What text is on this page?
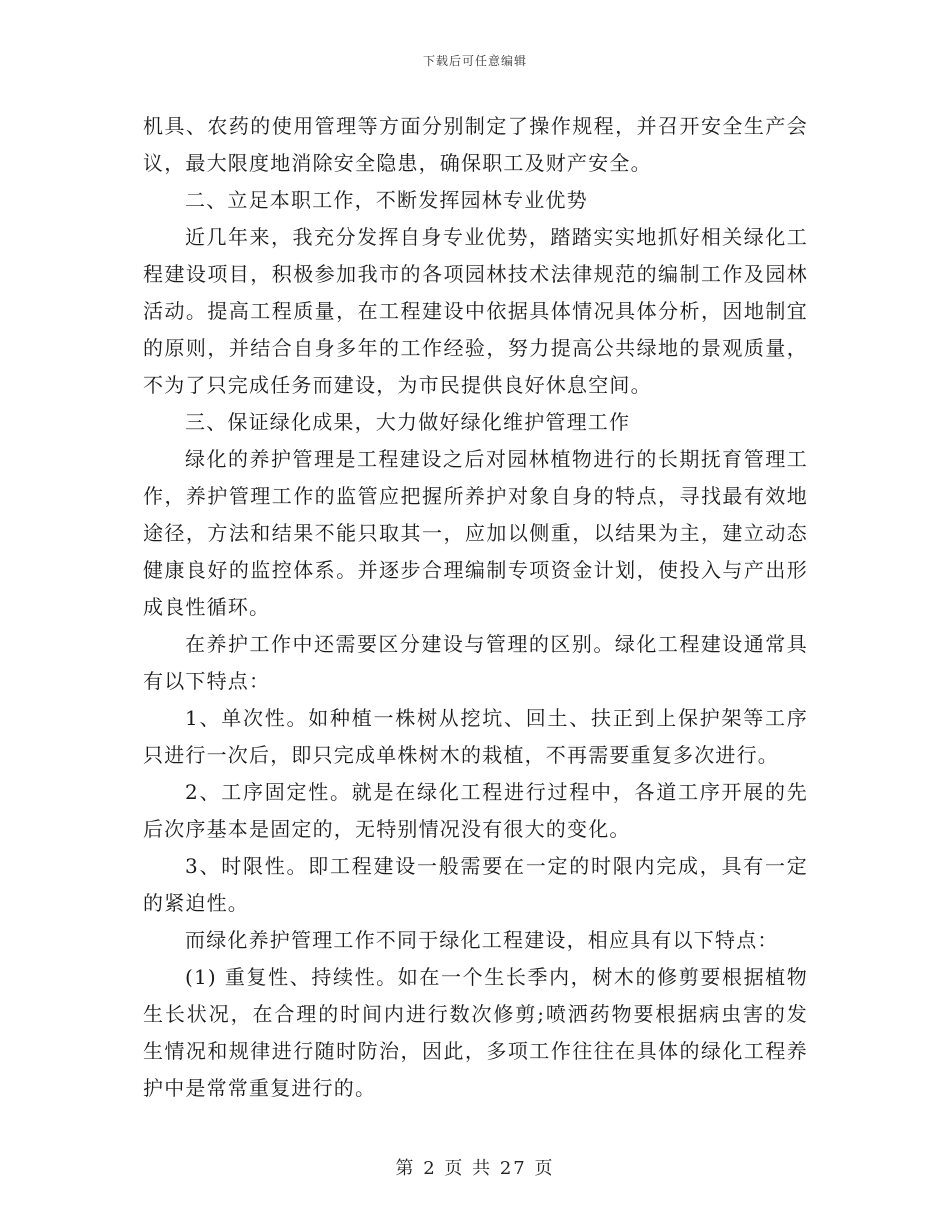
下载后可任意编辑

机具、农药的使用管理等方面分别制定了操作规程，并召开安全生产会议，最大限度地消除安全隐患，确保职工及财产安全。

二、立足本职工作，不断发挥园林专业优势

近几年来，我充分发挥自身专业优势，踏踏实实地抓好相关绿化工程建设项目，积极参加我市的各项园林技术法律规范的编制工作及园林活动。提高工程质量，在工程建设中依据具体情况具体分析，因地制宜的原则，并结合自身多年的工作经验，努力提高公共绿地的景观质量，不为了只完成任务而建设，为市民提供良好休息空间。

三、保证绿化成果，大力做好绿化维护管理工作

绿化的养护管理是工程建设之后对园林植物进行的长期抚育管理工作，养护管理工作的监管应把握所养护对象自身的特点，寻找最有效地途径，方法和结果不能只取其一，应加以侧重，以结果为主，建立动态健康良好的监控体系。并逐步合理编制专项资金计划，使投入与产出形成良性循环。

在养护工作中还需要区分建设与管理的区别。绿化工程建设通常具有以下特点：

1、单次性。如种植一株树从挖坑、回土、扶正到上保护架等工序只进行一次后，即只完成单株树木的栽植，不再需要重复多次进行。

2、工序固定性。就是在绿化工程进行过程中，各道工序开展的先后次序基本是固定的，无特别情况没有很大的变化。

3、时限性。即工程建设一般需要在一定的时限内完成，具有一定的紧迫性。

而绿化养护管理工作不同于绿化工程建设，相应具有以下特点：

(1) 重复性、持续性。如在一个生长季内，树木的修剪要根据植物生长状况，在合理的时间内进行数次修剪;喷洒药物要根据病虫害的发生情况和规律进行随时防治，因此，多项工作往往在具体的绿化工程养护中是常常重复进行的。

第 2 页 共 27 页
